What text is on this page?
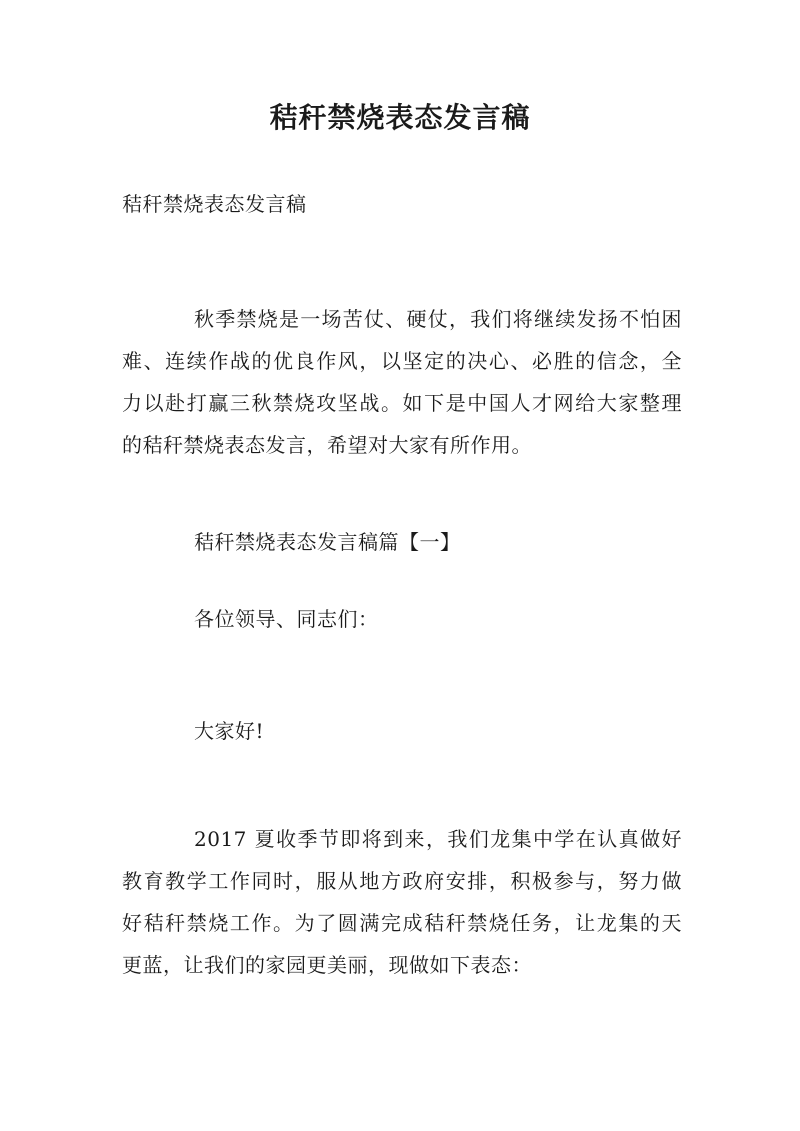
秸秆禁烧表态发言稿
秸秆禁烧表态发言稿
秋季禁烧是一场苦仗、硬仗，我们将继续发扬不怕困
难、连续作战的优良作风，以坚定的决心、必胜的信念，全
力以赴打赢三秋禁烧攻坚战。如下是中国人才网给大家整理
的秸秆禁烧表态发言，希望对大家有所作用。
秸秆禁烧表态发言稿篇【一】
各位领导、同志们：
大家好!
2017 夏收季节即将到来，我们龙集中学在认真做好
教育教学工作同时，服从地方政府安排，积极参与，努力做
好秸秆禁烧工作。为了圆满完成秸秆禁烧任务，让龙集的天
更蓝，让我们的家园更美丽，现做如下表态：
